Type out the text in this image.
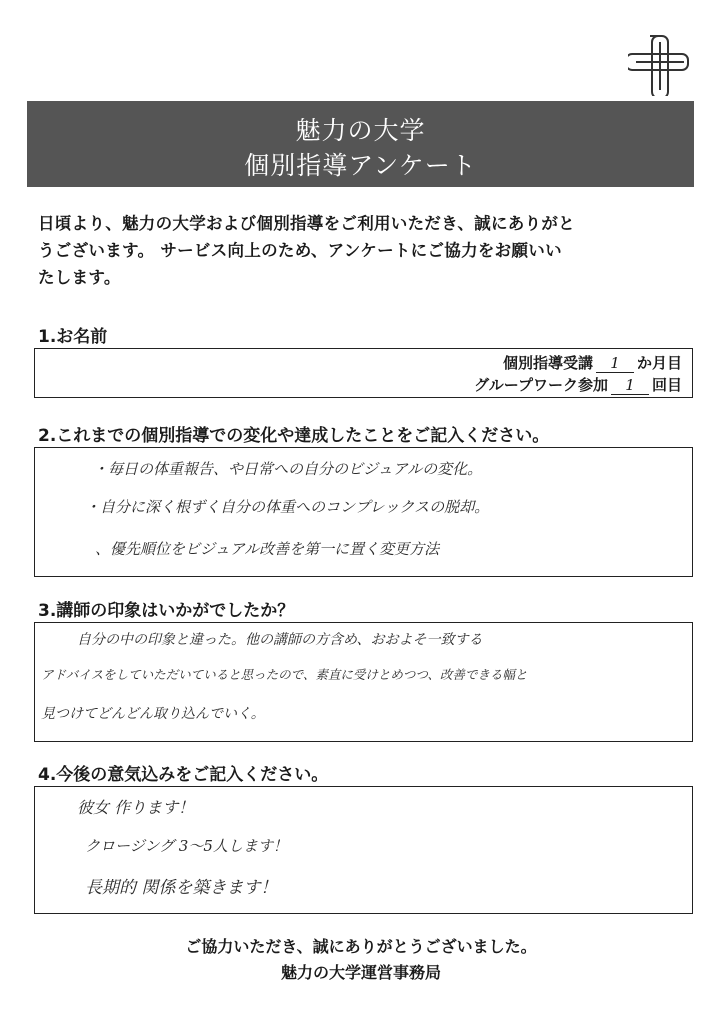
魅力の大学
個別指導アンケート
日頃より、魅力の大学および個別指導をご利用いただき、誠にありがと
うございます。 サービス向上のため、アンケートにご協力をお願いい
たします。
1.お名前
個別指導受講 1 か月目
グループワーク参加 1 回目
2.これまでの個別指導での変化や達成したことをご記入ください。
・毎日の体重報告、や日常への自分のビジュアルの変化。
・自分に深く根ずく自分の体重へのコンプレックスの脱却。
、優先順位をビジュアル改善を第一に置く変更方法
3.講師の印象はいかがでしたか？
自分の中の印象と違った。他の講師の方含め、おおよそ一致する
アドバイスをしていただいていると思ったので、素直に受けとめつつ、改善できる幅と
見つけてどんどん取り込んでいく。
4.今後の意気込みをご記入ください。
彼女 作ります！
クロージング 3〜5人します！
長期的 関係を築きます！
ご協力いただき、誠にありがとうございました。
魅力の大学運営事務局
